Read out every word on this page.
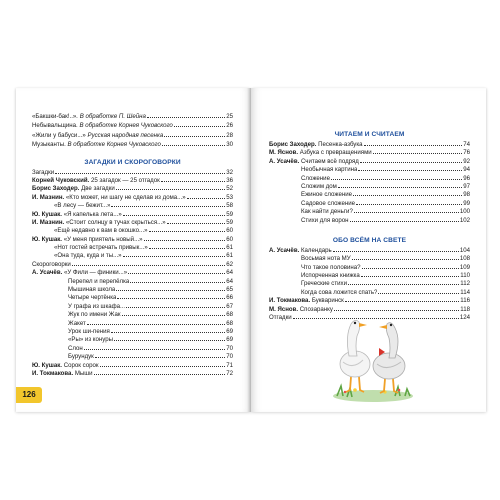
«Бакшки-бак!..». В обработке П. Шейна	25
Небывальщина. В обработке Корнея Чуковского	26
«Жили у бабуси...» Русская народная песенка	28
Музыканты. В обработке Корнея Чуковского	30
ЗАГАДКИ И СКОРОГОВОРКИ
Загадки	32
Корней Чуковский. 25 загадок — 25 отгадок	36
Борис Заходер. Две загадки	52
И. Мазнин. «Кто может, ни шагу не сделав из дома...»	53
«В лесу — бежит...»	58
Ю. Кушак. «Я капелька лета...»	59
И. Мазнин. «Стоит солнцу в тучах скрыться...»	59
«Ещё недавно к вам в окошко...»	60
Ю. Кушак. «У меня приятель новый...»	60
«Нот гостей встречать привык...»	61
«Она туда, куда и ты...»	61
Скороговорки	62
А. Усачёв. «У Фили — финики...»	64
Перепел и перепёлка	64
Мышиная школа	65
Четыре чертёнка	66
У графа из шкафа...	67
Жук по имени Жак	68
Жакет	68
Урок ши-пения	69
«Ры» из конуры	69
Слон	70
Бурундук	70
Ю. Кушак. Сорок сорок	71
И. Токмакова. Мыши	72
126
ЧИТАЕМ И СЧИТАЕМ
Борис Заходер. Песенка-азбука	74
М. Яснов. Азбука с превращениями	76
А. Усачёв. Считаем всё подряд	92
Необычная картина	94
Сложение	96
Сложим дом	97
Ежиное сложение	98
Садовое сложение	99
Как найти деньги?	100
Стихи для ворон	102
ОБО ВСЁМ НА СВЕТЕ
А. Усачёв. Календарь	104
Восьмая нота МУ	108
Что такое половина?	109
Испорченная книжка	110
Греческие стихи	112
Когда сова ложится спать?	114
И. Токмакова. Букваринск	116
М. Яснов. Спозаранку	118
Отгадки	124
